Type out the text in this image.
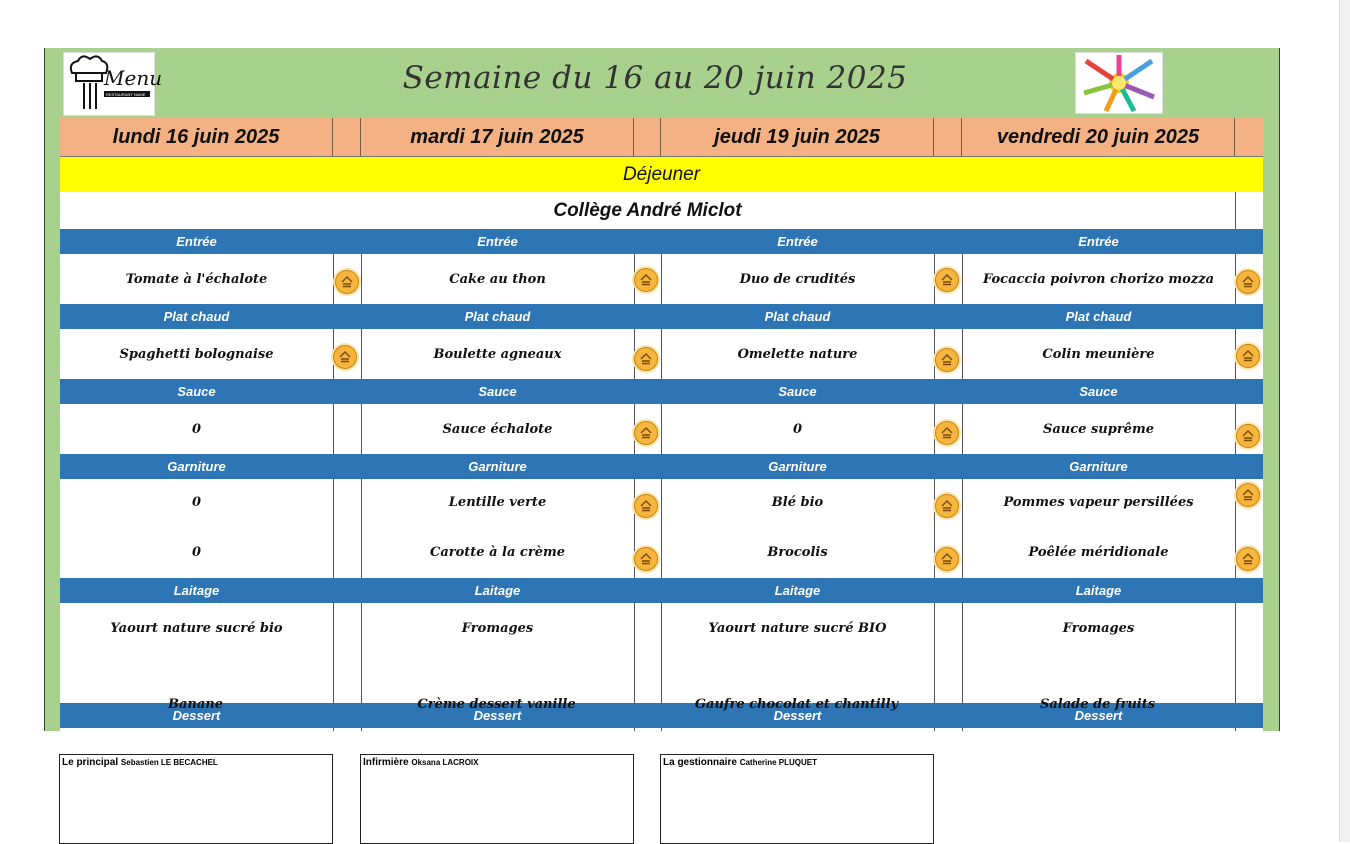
Menu
RESTAURANT NAME	Semaine du 16 au 20 juin 2025
lundi 16 juin 2025	mardi 17 juin 2025	jeudi 19 juin 2025	vendredi 20 juin 2025
Déjeuner
Collège André Miclot
Entrée	Entrée	Entrée	Entrée
Tomate à l'échalote	Cake au thon	Duo de crudités	Focaccia poivron chorizo mozza
Plat chaud	Plat chaud	Plat chaud	Plat chaud
Spaghetti bolognaise	Boulette agneaux	Omelette nature	Colin meunière
Sauce	Sauce	Sauce	Sauce
0	Sauce échalote	0	Sauce suprême
Garniture	Garniture	Garniture	Garniture
0	Lentille verte	Blé bio	Pommes vapeur persillées
0	Carotte à la crème	Brocolis	Poêlée méridionale
Laitage	Laitage	Laitage	Laitage
Yaourt nature sucré bio	Fromages	Yaourt nature sucré BIO	Fromages
Dessert	Dessert	Dessert	Dessert
Banane	Crème dessert vanille	Gaufre chocolat et chantilly	Salade de fruits
Le principal Sebastien LE BECACHEL	Infirmière Oksana LACROIX	La gestionnaire Catherine PLUQUET
